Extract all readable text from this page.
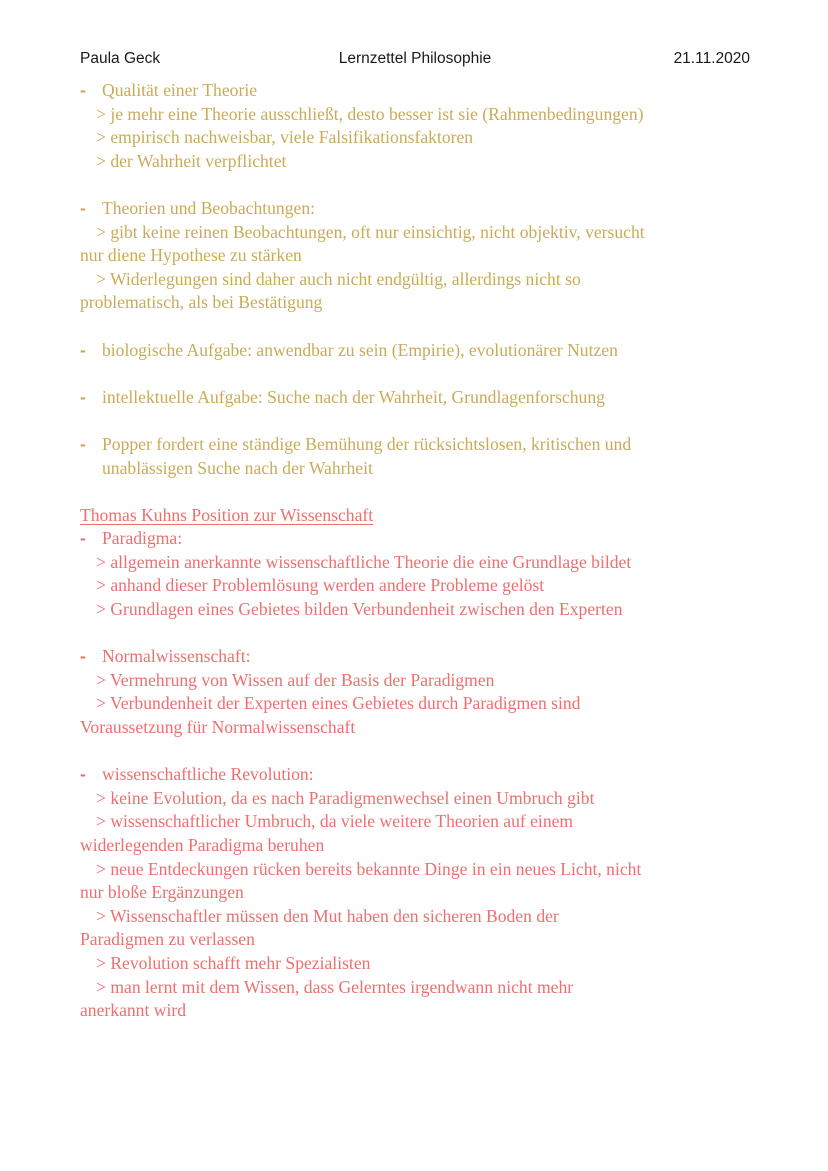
Paula Geck	Lernzettel Philosophie	21.11.2020
- Qualität einer Theorie
> je mehr eine Theorie ausschließt, desto besser ist sie (Rahmenbedingungen)
> empirisch nachweisbar, viele Falsifikationsfaktoren
> der Wahrheit verpflichtet
- Theorien und Beobachtungen:
> gibt keine reinen Beobachtungen, oft nur einsichtig, nicht objektiv, versucht
nur diene Hypothese zu stärken
> Widerlegungen sind daher auch nicht endgültig, allerdings nicht so
problematisch, als bei Bestätigung
- biologische Aufgabe: anwendbar zu sein (Empirie), evolutionärer Nutzen
- intellektuelle Aufgabe: Suche nach der Wahrheit, Grundlagenforschung
- Popper fordert eine ständige Bemühung der rücksichtslosen, kritischen und
unablässigen Suche nach der Wahrheit
Thomas Kuhns Position zur Wissenschaft
- Paradigma:
> allgemein anerkannte wissenschaftliche Theorie die eine Grundlage bildet
> anhand dieser Problemlösung werden andere Probleme gelöst
> Grundlagen eines Gebietes bilden Verbundenheit zwischen den Experten
- Normalwissenschaft:
> Vermehrung von Wissen auf der Basis der Paradigmen
> Verbundenheit der Experten eines Gebietes durch Paradigmen sind
Voraussetzung für Normalwissenschaft
- wissenschaftliche Revolution:
> keine Evolution, da es nach Paradigmenwechsel einen Umbruch gibt
> wissenschaftlicher Umbruch, da viele weitere Theorien auf einem
widerlegenden Paradigma beruhen
> neue Entdeckungen rücken bereits bekannte Dinge in ein neues Licht, nicht
nur bloße Ergänzungen
> Wissenschaftler müssen den Mut haben den sicheren Boden der
Paradigmen zu verlassen
> Revolution schafft mehr Spezialisten
> man lernt mit dem Wissen, dass Gelerntes irgendwann nicht mehr
anerkannt wird
